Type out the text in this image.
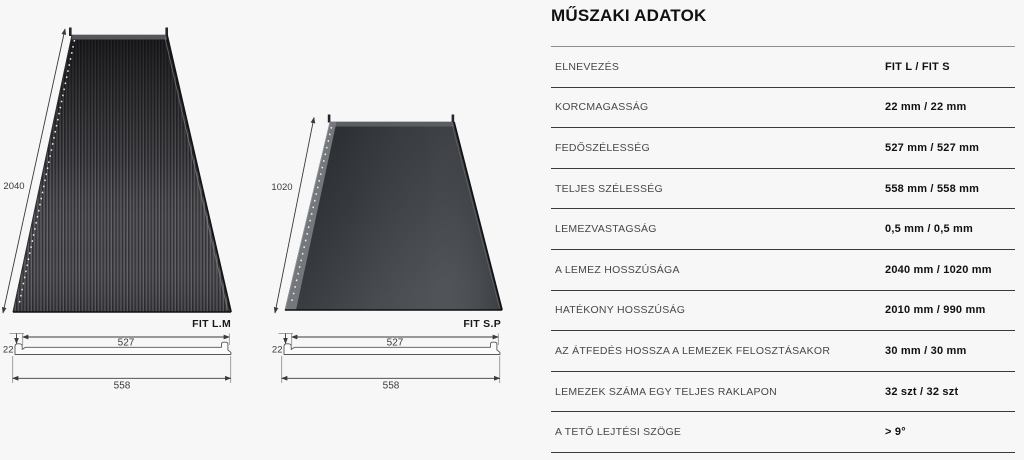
2040
FIT L.M
1020
FIT S.P
22
527
558
22
527
558
MŰSZAKI ADATOK
ELNEVEZÉS	FIT L / FIT S
KORCMAGASSÁG	22 mm / 22 mm
FEDŐSZÉLESSÉG	527 mm / 527 mm
TELJES SZÉLESSÉG	558 mm / 558 mm
LEMEZVASTAGSÁG	0,5 mm / 0,5 mm
A LEMEZ HOSSZÚSÁGA	2040 mm / 1020 mm
HATÉKONY HOSSZÚSÁG	2010 mm / 990 mm
AZ ÁTFEDÉS HOSSZA A LEMEZEK FELOSZTÁSAKOR	30 mm / 30 mm
LEMEZEK SZÁMA EGY TELJES RAKLAPON	32 szt / 32 szt
A TETŐ LEJTÉSI SZÖGE	> 9°
